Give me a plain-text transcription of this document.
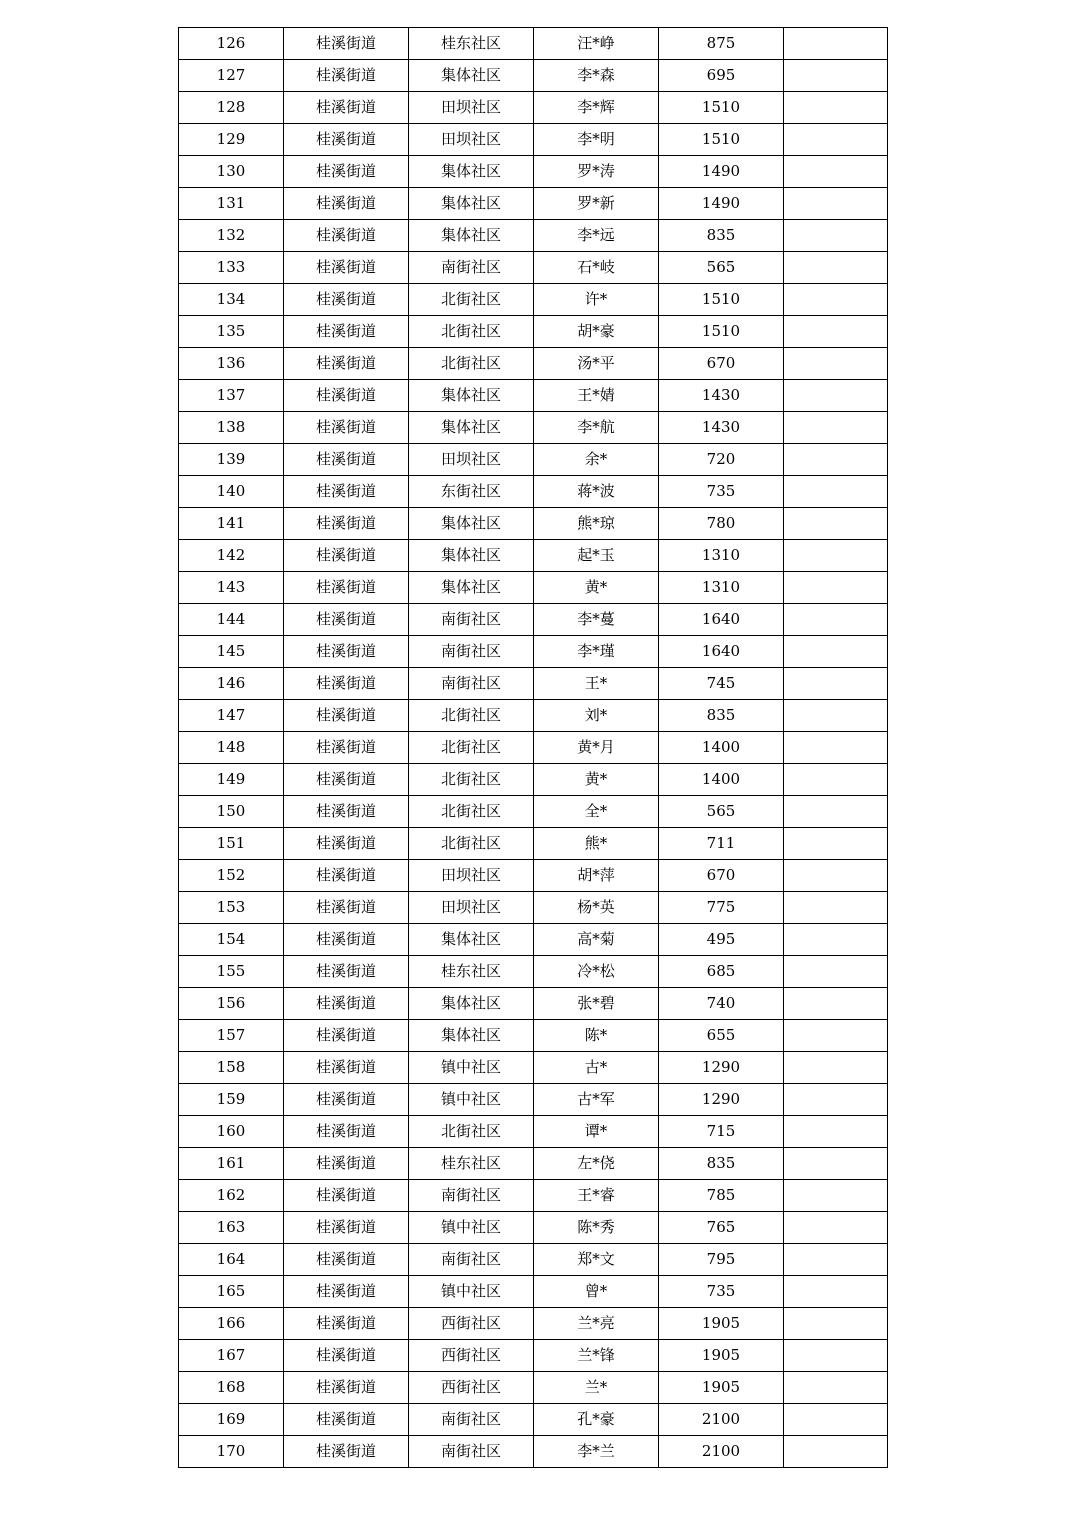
126	桂溪街道	桂东社区	汪*峥	875	
127	桂溪街道	集体社区	李*森	695	
128	桂溪街道	田坝社区	李*辉	1510	
129	桂溪街道	田坝社区	李*明	1510	
130	桂溪街道	集体社区	罗*涛	1490	
131	桂溪街道	集体社区	罗*新	1490	
132	桂溪街道	集体社区	李*远	835	
133	桂溪街道	南街社区	石*岐	565	
134	桂溪街道	北街社区	许*	1510	
135	桂溪街道	北街社区	胡*豪	1510	
136	桂溪街道	北街社区	汤*平	670	
137	桂溪街道	集体社区	王*婧	1430	
138	桂溪街道	集体社区	李*航	1430	
139	桂溪街道	田坝社区	余*	720	
140	桂溪街道	东街社区	蒋*波	735	
141	桂溪街道	集体社区	熊*琼	780	
142	桂溪街道	集体社区	起*玉	1310	
143	桂溪街道	集体社区	黄*	1310	
144	桂溪街道	南街社区	李*蔓	1640	
145	桂溪街道	南街社区	李*瑾	1640	
146	桂溪街道	南街社区	王*	745	
147	桂溪街道	北街社区	刘*	835	
148	桂溪街道	北街社区	黄*月	1400	
149	桂溪街道	北街社区	黄*	1400	
150	桂溪街道	北街社区	全*	565	
151	桂溪街道	北街社区	熊*	711	
152	桂溪街道	田坝社区	胡*萍	670	
153	桂溪街道	田坝社区	杨*英	775	
154	桂溪街道	集体社区	高*菊	495	
155	桂溪街道	桂东社区	冷*松	685	
156	桂溪街道	集体社区	张*碧	740	
157	桂溪街道	集体社区	陈*	655	
158	桂溪街道	镇中社区	古*	1290	
159	桂溪街道	镇中社区	古*军	1290	
160	桂溪街道	北街社区	谭*	715	
161	桂溪街道	桂东社区	左*侥	835	
162	桂溪街道	南街社区	王*睿	785	
163	桂溪街道	镇中社区	陈*秀	765	
164	桂溪街道	南街社区	郑*文	795	
165	桂溪街道	镇中社区	曾*	735	
166	桂溪街道	西街社区	兰*亮	1905	
167	桂溪街道	西街社区	兰*锋	1905	
168	桂溪街道	西街社区	兰*	1905	
169	桂溪街道	南街社区	孔*豪	2100	
170	桂溪街道	南街社区	李*兰	2100	
